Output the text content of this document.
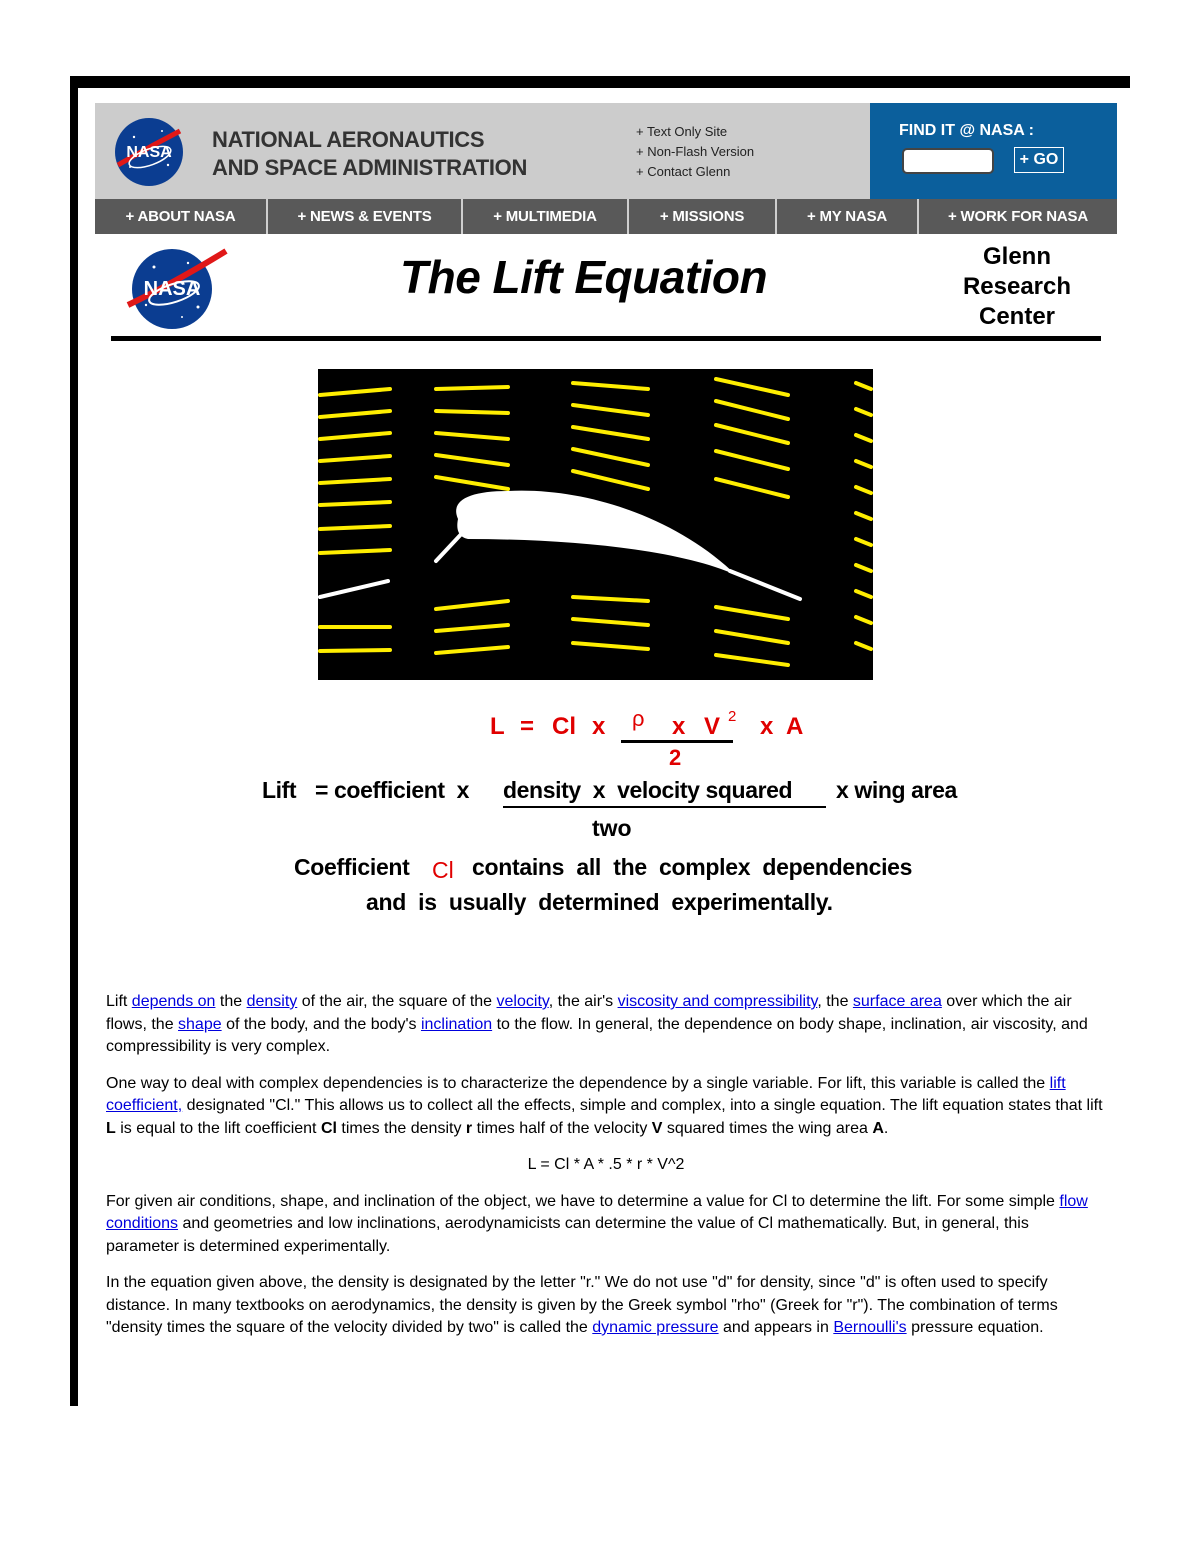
NASA
NATIONAL AERONAUTICS
AND SPACE ADMINISTRATION
+ Text Only Site
+ Non-Flash Version
+ Contact Glenn
FIND IT @ NASA :
+ GO
+ ABOUT NASA	+ NEWS & EVENTS	+ MULTIMEDIA	+ MISSIONS	+ MY NASA	+ WORK FOR NASA
NASA	The Lift Equation	Glenn
Research
Center
L = Cl x ρ x V 2 x A
2
Lift = coefficient  x density  x  velocity squared x wing area
two
Coefficient Cl contains  all  the  complex  dependencies
and  is  usually  determined  experimentally.

Lift depends on the density of the air, the square of the velocity, the air's viscosity and compressibility, the surface area over which the air flows, the shape of the body, and the body's inclination to the flow. In general, the dependence on body shape, inclination, air viscosity, and compressibility is very complex.

One way to deal with complex dependencies is to characterize the dependence by a single variable. For lift, this variable is called the lift coefficient, designated "Cl." This allows us to collect all the effects, simple and complex, into a single equation. The lift equation states that lift L is equal to the lift coefficient Cl times the density r times half of the velocity V squared times the wing area A.

L = Cl * A * .5 * r * V^2

For given air conditions, shape, and inclination of the object, we have to determine a value for Cl to determine the lift. For some simple flow conditions and geometries and low inclinations, aerodynamicists can determine the value of Cl mathematically. But, in general, this parameter is determined experimentally.

In the equation given above, the density is designated by the letter "r." We do not use "d" for density, since "d" is often used to specify distance. In many textbooks on aerodynamics, the density is given by the Greek symbol "rho" (Greek for "r"). The combination of terms "density times the square of the velocity divided by two" is called the dynamic pressure and appears in Bernoulli's pressure equation.
